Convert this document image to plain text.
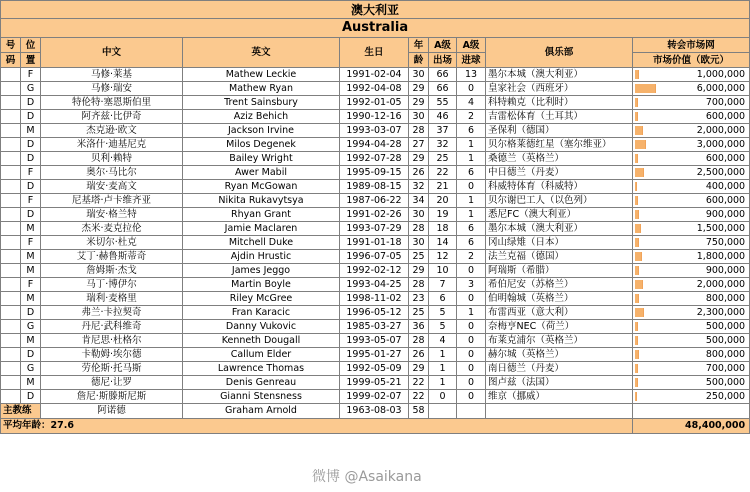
澳大利亚									
Australia									
号	位	中文	英文	生日	年	A级	A级	俱乐部	转会市场网
码	置				龄	出场	进球		市场价值（欧元）
	F	马修·莱基	Mathew Leckie	1991-02-04	30	66	13	墨尔本城（澳大利亚）	1,000,000
	G	马修·瑞安	Mathew Ryan	1992-04-08	29	66	0	皇家社会（西班牙）	6,000,000
	D	特伦特·塞恩斯伯里	Trent Sainsbury	1992-01-05	29	55	4	科特赖克（比利时）	700,000
	D	阿齐兹·比伊奇	Aziz Behich	1990-12-16	30	46	2	吉雷松体育（土耳其）	600,000
	M	杰克逊·欧文	Jackson Irvine	1993-03-07	28	37	6	圣保利（德国）	2,000,000
	D	米洛什·迪基尼克	Milos Degenek	1994-04-28	27	32	1	贝尔格莱德红星（塞尔维亚）	3,000,000
	D	贝利·赖特	Bailey Wright	1992-07-28	29	25	1	桑德兰（英格兰）	600,000
	F	奥尔·马比尔	Awer Mabil	1995-09-15	26	22	6	中日德兰（丹麦）	2,500,000
	D	瑞安·麦高文	Ryan McGowan	1989-08-15	32	21	0	科威特体育（科威特）	400,000
	F	尼基塔·卢卡维齐亚	Nikita Rukavytsya	1987-06-22	34	20	1	贝尔谢巴工人（以色列）	600,000
	D	瑞安·格兰特	Rhyan Grant	1991-02-26	30	19	1	悉尼FC（澳大利亚）	900,000
	M	杰米·麦克拉伦	Jamie Maclaren	1993-07-29	28	18	6	墨尔本城（澳大利亚）	1,500,000
	F	米切尔·杜克	Mitchell Duke	1991-01-18	30	14	6	冈山绿雉（日本）	750,000
	M	艾丁·赫鲁斯蒂奇	Ajdin Hrustic	1996-07-05	25	12	2	法兰克福（德国）	1,800,000
	M	詹姆斯·杰戈	James Jeggo	1992-02-12	29	10	0	阿瑞斯（希腊）	900,000
	F	马丁·博伊尔	Martin Boyle	1993-04-25	28	7	3	希伯尼安（苏格兰）	2,000,000
	M	瑞利·麦格里	Riley McGree	1998-11-02	23	6	0	伯明翰城（英格兰）	800,000
	D	弗兰·卡拉契奇	Fran Karacic	1996-05-12	25	5	1	布雷西亚（意大利）	2,300,000
	G	丹尼·武科维奇	Danny Vukovic	1985-03-27	36	5	0	奈梅亨NEC（荷兰）	500,000
	M	肯尼思·杜格尔	Kenneth Dougall	1993-05-07	28	4	0	布莱克浦尔（英格兰）	500,000
	D	卡勒姆·埃尔德	Callum Elder	1995-01-27	26	1	0	赫尔城（英格兰）	800,000
	G	劳伦斯·托马斯	Lawrence Thomas	1992-05-09	29	1	0	南日德兰（丹麦）	700,000
	M	德尼·让罗	Denis Genreau	1999-05-21	22	1	0	图卢兹（法国）	500,000
	D	詹尼·斯滕斯尼斯	Gianni Stensness	1999-02-07	22	0	0	维京（挪威）	250,000
主教练		阿诺德	Graham Arnold	1963-08-03	58				
平均年龄：27.6									48,400,000
微博 @Asaikana
